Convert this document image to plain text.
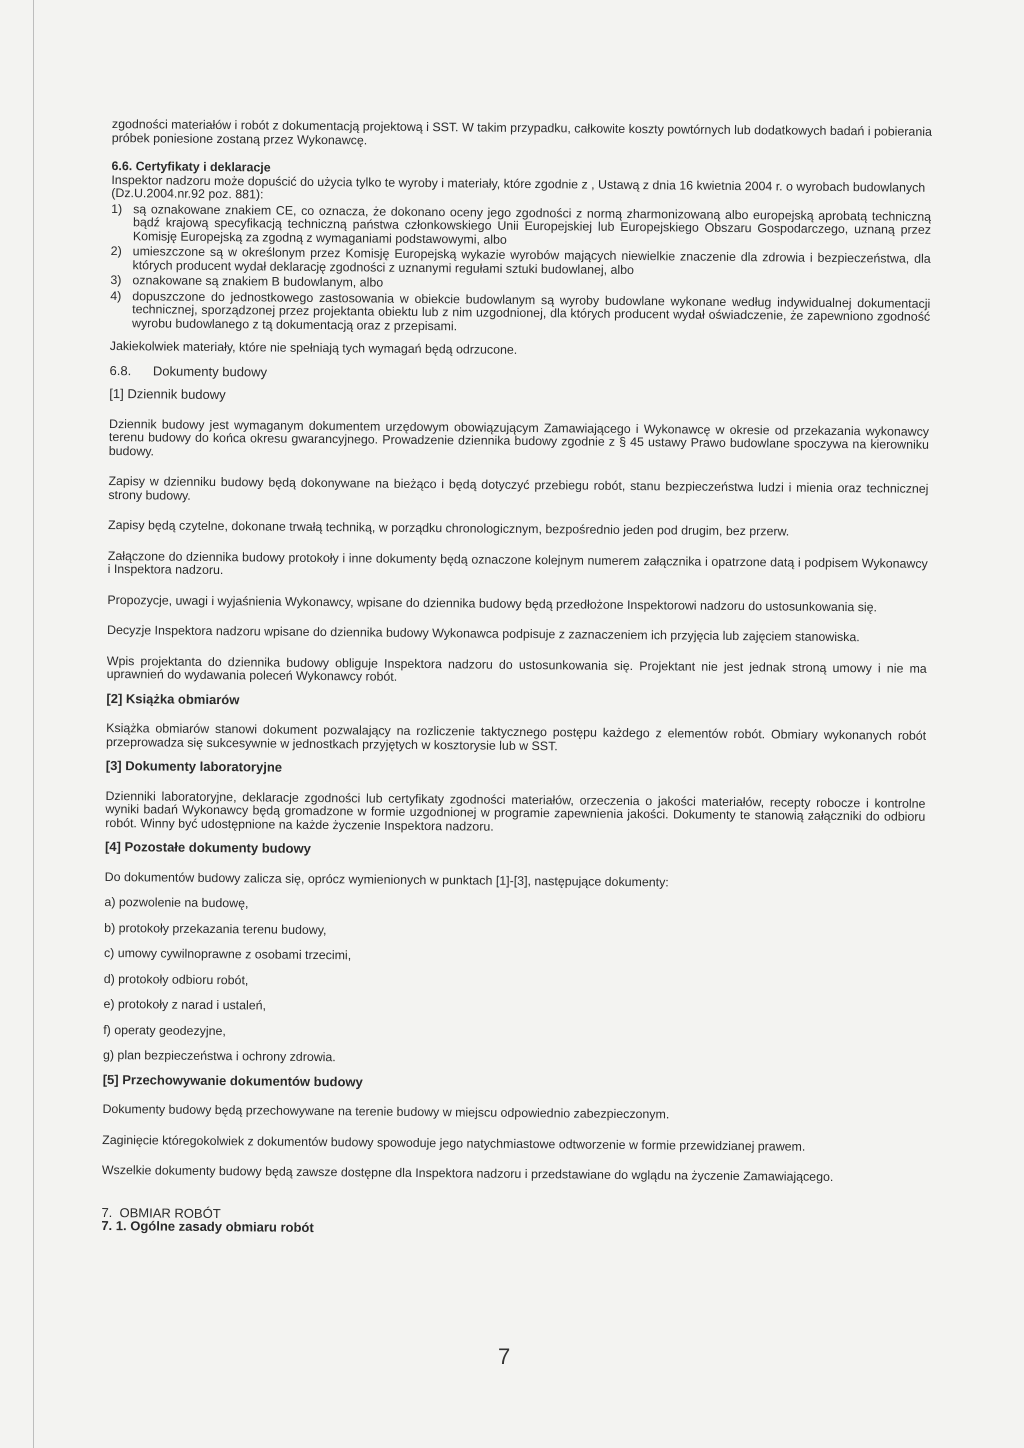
zgodności materiałów i robót z dokumentacją projektową i SST. W takim przypadku, całkowite koszty powtórnych lub dodatkowych badań i pobierania próbek poniesione zostaną przez Wykonawcę.

6.6. Certyfikaty i deklaracje

Inspektor nadzoru może dopuścić do użycia tylko te wyroby i materiały, które zgodnie z , Ustawą z dnia 16 kwietnia 2004 r. o wyrobach budowlanych (Dz.U.2004.nr.92 poz. 881):

1) są oznakowane znakiem CE, co oznacza, że dokonano oceny jego zgodności z normą zharmonizowaną albo europejską aprobatą techniczną bądź krajową specyfikacją techniczną państwa członkowskiego Unii Europejskiej lub Europejskiego Obszaru Gospodarczego, uznaną przez Komisję Europejską za zgodną z wymaganiami podstawowymi, albo
2) umieszczone są w określonym przez Komisję Europejską wykazie wyrobów mających niewielkie znaczenie dla zdrowia i bezpieczeństwa, dla których producent wydał deklarację zgodności z uznanymi regułami sztuki budowlanej, albo
3) oznakowane są znakiem B budowlanym, albo
4) dopuszczone do jednostkowego zastosowania w obiekcie budowlanym są wyroby budowlane wykonane według indywidualnej dokumentacji technicznej, sporządzonej przez projektanta obiektu lub z nim uzgodnionej, dla których producent wydał oświadczenie, że zapewniono zgodność wyrobu budowlanego z tą dokumentacją oraz z przepisami.

Jakiekolwiek materiały, które nie spełniają tych wymagań będą odrzucone.

6.8.      Dokumenty budowy

[1] Dziennik budowy

Dziennik budowy jest wymaganym dokumentem urzędowym obowiązującym Zamawiającego i Wykonawcę w okresie od przekazania wykonawcy terenu budowy do końca okresu gwarancyjnego. Prowadzenie dziennika budowy zgodnie z § 45 ustawy Prawo budowlane spoczywa na kierowniku budowy.

Zapisy w dzienniku budowy będą dokonywane na bieżąco i będą dotyczyć przebiegu robót, stanu bezpieczeństwa ludzi i mienia oraz technicznej strony budowy.

Zapisy będą czytelne, dokonane trwałą techniką, w porządku chronologicznym, bezpośrednio jeden pod drugim, bez przerw.

Załączone do dziennika budowy protokoły i inne dokumenty będą oznaczone kolejnym numerem załącznika i opatrzone datą i podpisem Wykonawcy i Inspektora nadzoru.

Propozycje, uwagi i wyjaśnienia Wykonawcy, wpisane do dziennika budowy będą przedłożone Inspektorowi nadzoru do ustosunkowania się.

Decyzje Inspektora nadzoru wpisane do dziennika budowy Wykonawca podpisuje z zaznaczeniem ich przyjęcia lub zajęciem stanowiska.

Wpis projektanta do dziennika budowy obliguje Inspektora nadzoru do ustosunkowania się. Projektant nie jest jednak stroną umowy i nie ma uprawnień do wydawania poleceń Wykonawcy robót.

[2] Książka obmiarów

Książka obmiarów stanowi dokument pozwalający na rozliczenie taktycznego postępu każdego z elementów robót. Obmiary wykonanych robót przeprowadza się sukcesywnie w jednostkach przyjętych w kosztorysie lub w SST.

[3] Dokumenty laboratoryjne

Dzienniki laboratoryjne, deklaracje zgodności lub certyfikaty zgodności materiałów, orzeczenia o jakości materiałów, recepty robocze i kontrolne wyniki badań Wykonawcy będą gromadzone w formie uzgodnionej w programie zapewnienia jakości. Dokumenty te stanowią załączniki do odbioru robót. Winny być udostępnione na każde życzenie Inspektora nadzoru.

[4] Pozostałe dokumenty budowy

Do dokumentów budowy zalicza się, oprócz wymienionych w punktach [1]-[3], następujące dokumenty:

a) pozwolenie na budowę,

b) protokoły przekazania terenu budowy,

c) umowy cywilnoprawne z osobami trzecimi,

d) protokoły odbioru robót,

e) protokoły z narad i ustaleń,

f) operaty geodezyjne,

g) plan bezpieczeństwa i ochrony zdrowia.

[5] Przechowywanie dokumentów budowy

Dokumenty budowy będą przechowywane na terenie budowy w miejscu odpowiednio zabezpieczonym.

Zaginięcie któregokolwiek z dokumentów budowy spowoduje jego natychmiastowe odtworzenie w formie przewidzianej prawem.

Wszelkie dokumenty budowy będą zawsze dostępne dla Inspektora nadzoru i przedstawiane do wglądu na życzenie Zamawiającego.

7.  OBMIAR ROBÓT

7. 1. Ogólne zasady obmiaru robót

7
